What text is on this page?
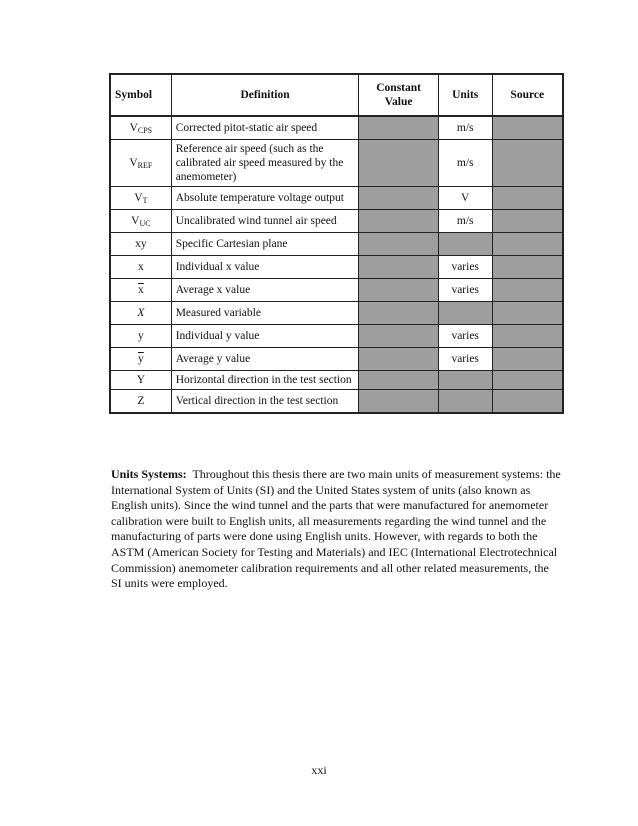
Symbol	Definition	Constant Value	Units	Source
$V_{CPS}$	Corrected pitot-static air speed		m/s	
$V_{REF}$	Reference air speed (such as the calibrated air speed measured by the anemometer)		m/s	
$V_T$	Absolute temperature voltage output		V	
$V_{UC}$	Uncalibrated wind tunnel air speed		m/s	
xy	Specific Cartesian plane			
x	Individual x value		varies	
$\overline{x}$	Average x value		varies	
X	Measured variable			
y	Individual y value		varies	
$\overline{y}$	Average y value		varies	
Y	Horizontal direction in the test section			
Z	Vertical direction in the test section			

Units Systems: Throughout this thesis there are two main units of measurement systems: the International System of Units (SI) and the United States system of units (also known as English units). Since the wind tunnel and the parts that were manufactured for anemometer calibration were built to English units, all measurements regarding the wind tunnel and the manufacturing of parts were done using English units. However, with regards to both the ASTM (American Society for Testing and Materials) and IEC (International Electrotechnical Commission) anemometer calibration requirements and all other related measurements, the SI units were employed.

xxi
